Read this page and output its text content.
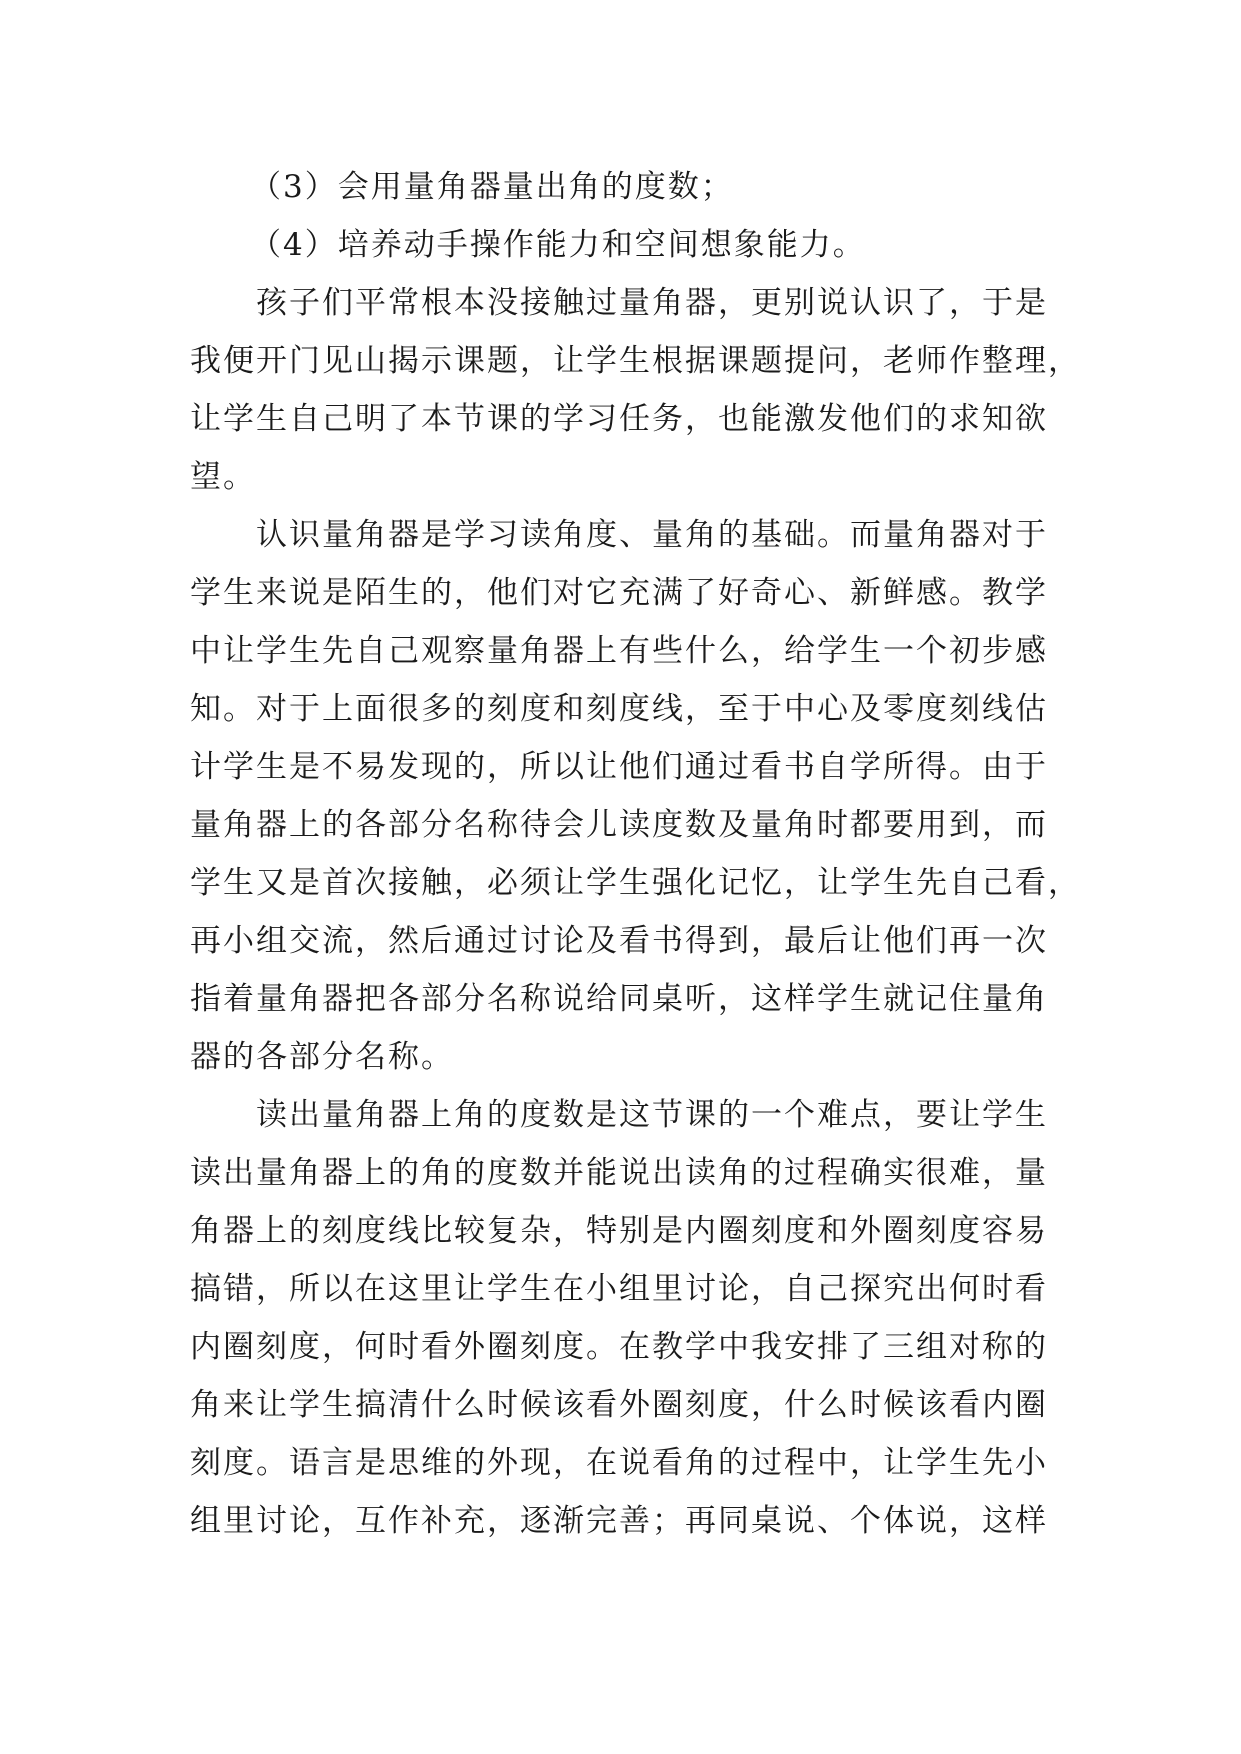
（3）会用量角器量出角的度数；

（4）培养动手操作能力和空间想象能力。

孩子们平常根本没接触过量角器，更别说认识了，于是

我便开门见山揭示课题，让学生根据课题提问，老师作整理，

让学生自己明了本节课的学习任务，也能激发他们的求知欲

望。

认识量角器是学习读角度、量角的基础。而量角器对于

学生来说是陌生的，他们对它充满了好奇心、新鲜感。教学

中让学生先自己观察量角器上有些什么，给学生一个初步感

知。对于上面很多的刻度和刻度线，至于中心及零度刻线估

计学生是不易发现的，所以让他们通过看书自学所得。由于

量角器上的各部分名称待会儿读度数及量角时都要用到，而

学生又是首次接触，必须让学生强化记忆，让学生先自己看，

再小组交流，然后通过讨论及看书得到，最后让他们再一次

指着量角器把各部分名称说给同桌听，这样学生就记住量角

器的各部分名称。

读出量角器上角的度数是这节课的一个难点，要让学生

读出量角器上的角的度数并能说出读角的过程确实很难，量

角器上的刻度线比较复杂，特别是内圈刻度和外圈刻度容易

搞错，所以在这里让学生在小组里讨论，自己探究出何时看

内圈刻度，何时看外圈刻度。在教学中我安排了三组对称的

角来让学生搞清什么时候该看外圈刻度，什么时候该看内圈

刻度。语言是思维的外现，在说看角的过程中，让学生先小

组里讨论，互作补充，逐渐完善；再同桌说、个体说，这样
